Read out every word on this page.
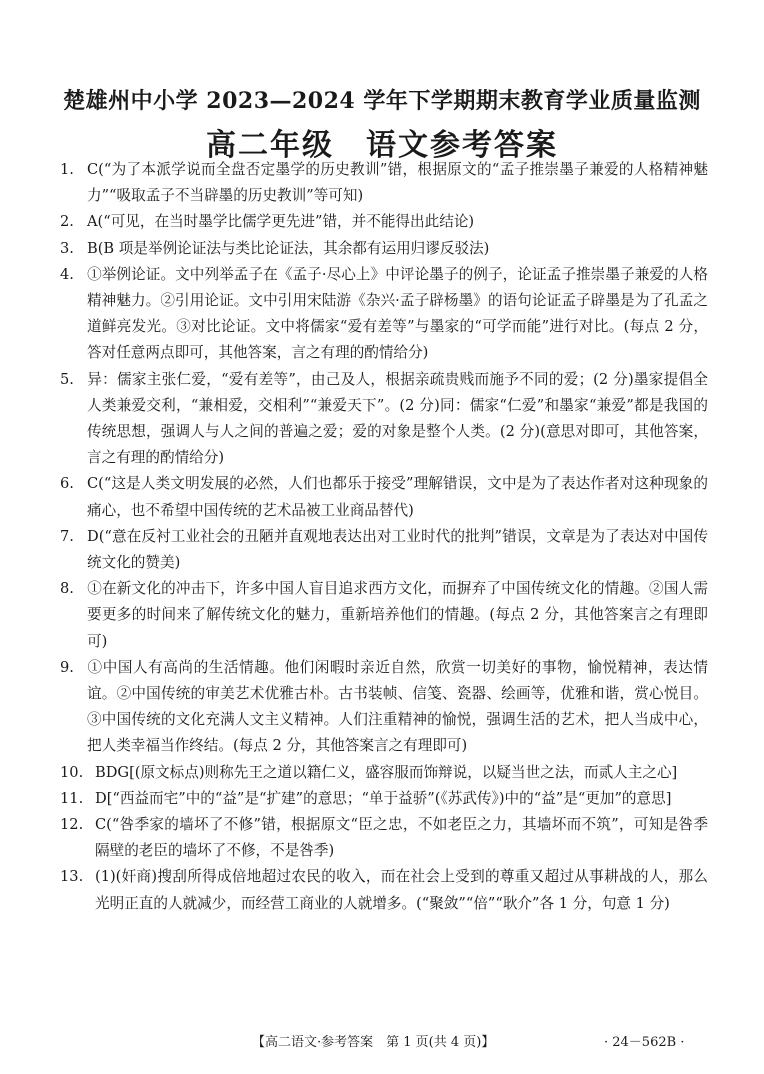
楚雄州中小学 2023—2024 学年下学期期末教育学业质量监测
高二年级　语文参考答案

1. C(“为了本派学说而全盘否定墨学的历史教训”错，根据原文的“孟子推崇墨子兼爱的人格精神魅力”“吸取孟子不当辟墨的历史教训”等可知)

2. A(“可见，在当时墨学比儒学更先进”错，并不能得出此结论)

3. B(B 项是举例论证法与类比论证法，其余都有运用归谬反驳法)

4. ①举例论证。文中列举孟子在《孟子·尽心上》中评论墨子的例子，论证孟子推崇墨子兼爱的人格精神魅力。②引用论证。文中引用宋陆游《杂兴·孟子辟杨墨》的语句论证孟子辟墨是为了孔孟之道鲜亮发光。③对比论证。文中将儒家“爱有差等”与墨家的“可学而能”进行对比。(每点 2 分，答对任意两点即可，其他答案，言之有理的酌情给分)

5. 异：儒家主张仁爱，“爱有差等”，由己及人，根据亲疏贵贱而施予不同的爱；(2 分)墨家提倡全人类兼爱交利，“兼相爱，交相利”“兼爱天下”。(2 分)同：儒家“仁爱”和墨家“兼爱”都是我国的传统思想，强调人与人之间的普遍之爱；爱的对象是整个人类。(2 分)(意思对即可，其他答案，言之有理的酌情给分)

6. C(“这是人类文明发展的必然，人们也都乐于接受”理解错误，文中是为了表达作者对这种现象的痛心，也不希望中国传统的艺术品被工业商品替代)

7. D(“意在反衬工业社会的丑陋并直观地表达出对工业时代的批判”错误，文章是为了表达对中国传统文化的赞美)

8. ①在新文化的冲击下，许多中国人盲目追求西方文化，而摒弃了中国传统文化的情趣。②国人需要更多的时间来了解传统文化的魅力，重新培养他们的情趣。(每点 2 分，其他答案言之有理即可)

9. ①中国人有高尚的生活情趣。他们闲暇时亲近自然，欣赏一切美好的事物，愉悦精神，表达情谊。②中国传统的审美艺术优雅古朴。古书装帧、信笺、瓷器、绘画等，优雅和谐，赏心悦目。③中国传统的文化充满人文主义精神。人们注重精神的愉悦，强调生活的艺术，把人当成中心，把人类幸福当作终结。(每点 2 分，其他答案言之有理即可)

10. BDG[(原文标点)则称先王之道以籍仁义，盛容服而饰辩说，以疑当世之法，而贰人主之心]

11. D[“西益而宅”中的“益”是“扩建”的意思；“单于益骄”(《苏武传》)中的“益”是“更加”的意思]

12. C(“咎季家的墙坏了不修”错，根据原文“臣之忠，不如老臣之力，其墙坏而不筑”，可知是咎季隔壁的老臣的墙坏了不修，不是咎季)

13. (1)(奸商)搜刮所得成倍地超过农民的收入，而在社会上受到的尊重又超过从事耕战的人，那么光明正直的人就减少，而经营工商业的人就增多。(“聚敛”“倍”“耿介”各 1 分，句意 1 分)

【高二语文·参考答案　第 1 页(共 4 页)】	· 24－562B ·
